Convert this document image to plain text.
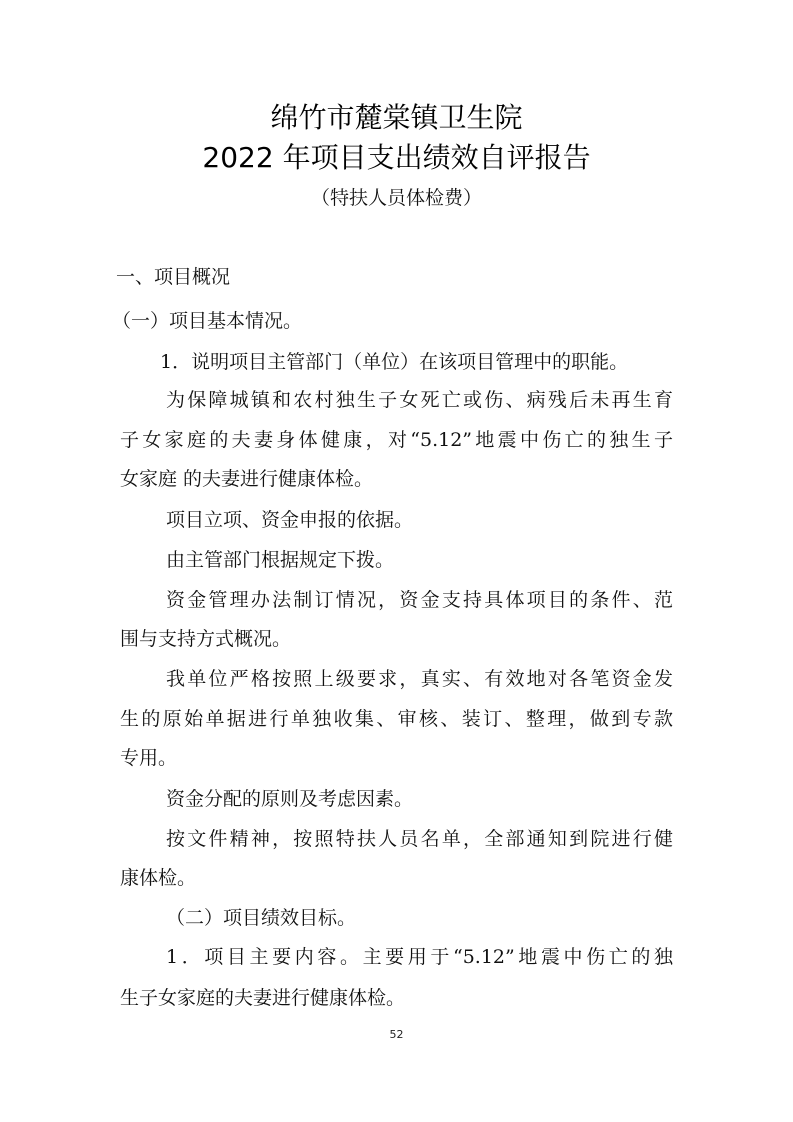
绵竹市麓棠镇卫生院
2022 年项目支出绩效自评报告
（特扶人员体检费）
一、项目概况
（一）项目基本情况。
1．说明项目主管部门（单位）在该项目管理中的职能。
为保障城镇和农村独生子女死亡或伤、病残后未再生育
子女家庭的夫妻身体健康，对“5.12”地震中伤亡的独生子
女家庭 的夫妻进行健康体检。
项目立项、资金申报的依据。
由主管部门根据规定下拨。
资金管理办法制订情况，资金支持具体项目的条件、范
围与支持方式概况。
我单位严格按照上级要求，真实、有效地对各笔资金发
生的原始单据进行单独收集、审核、装订、整理，做到专款
专用。
资金分配的原则及考虑因素。
按文件精神，按照特扶人员名单，全部通知到院进行健
康体检。
（二）项目绩效目标。
1．项目主要内容。主要用于“5.12”地震中伤亡的独
生子女家庭的夫妻进行健康体检。
52
